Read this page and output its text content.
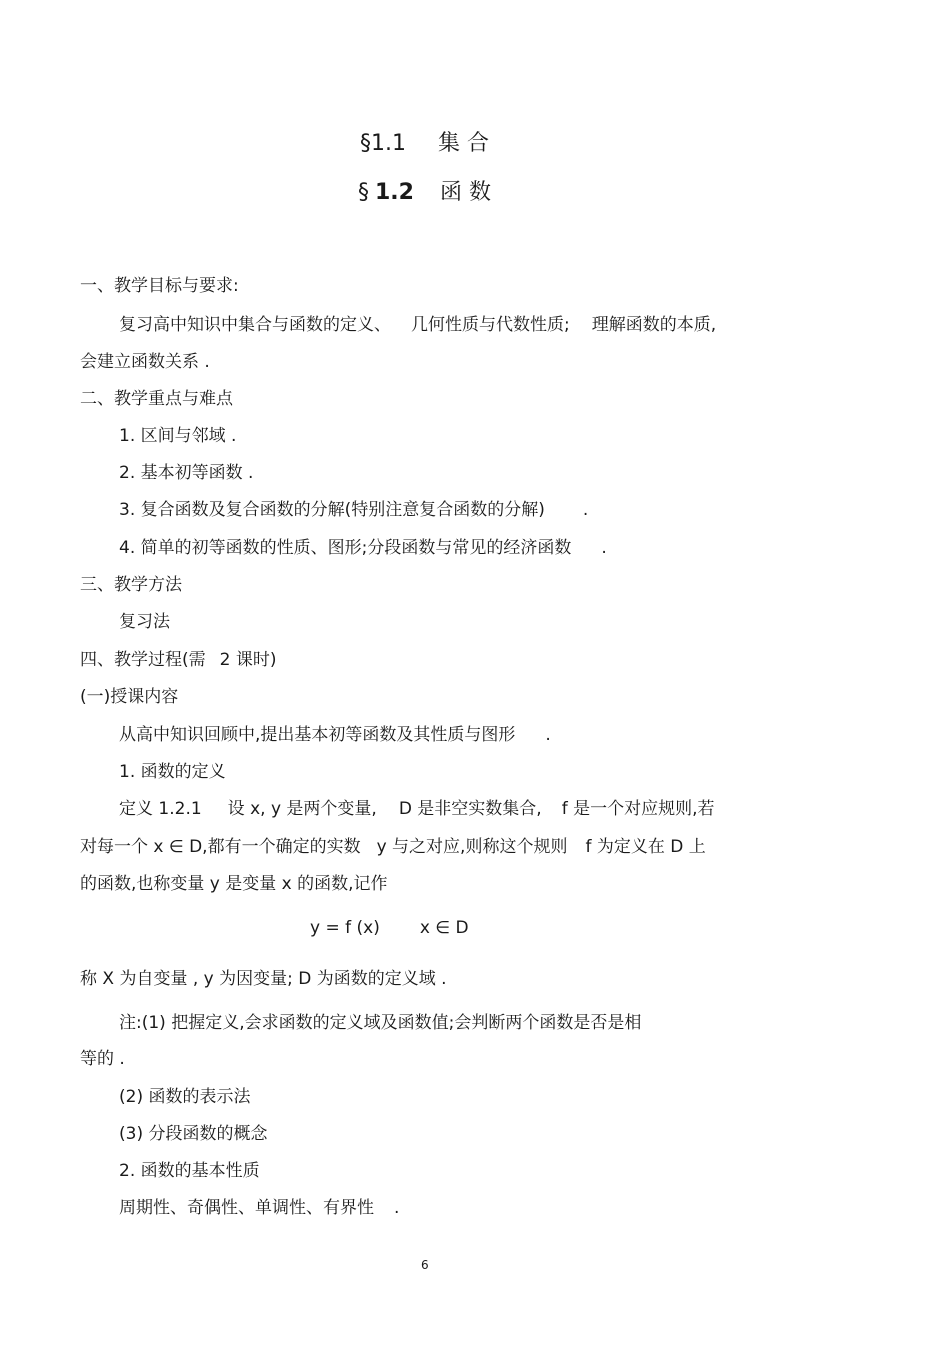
§1.1 集 合
§ 1.2 函 数
一、教学目标与要求:
复习高中知识中集合与函数的定义、 几何性质与代数性质; 理解函数的本质,
会建立函数关系 .
二、教学重点与难点
1. 区间与邻域 .
2. 基本初等函数 .
3. 复合函数及复合函数的分解(特别注意复合函数的分解) .
4. 简单的初等函数的性质、图形;分段函数与常见的经济函数 .
三、教学方法
复习法
四、教学过程(需 2 课时)
(一)授课内容
从高中知识回顾中,提出基本初等函数及其性质与图形 .
1. 函数的定义
定义 1.2.1 设 x, y 是两个变量, D 是非空实数集合, f 是一个对应规则,若
对每一个 x ∈ D,都有一个确定的实数 y 与之对应,则称这个规则 f 为定义在 D 上
的函数,也称变量 y 是变量 x 的函数,记作
y = f (x) x ∈ D
称 X 为自变量 , y 为因变量; D 为函数的定义域 .
注:(1) 把握定义,会求函数的定义域及函数值;会判断两个函数是否是相
等的 .
(2) 函数的表示法
(3) 分段函数的概念
2. 函数的基本性质
周期性、奇偶性、单调性、有界性 .
6
